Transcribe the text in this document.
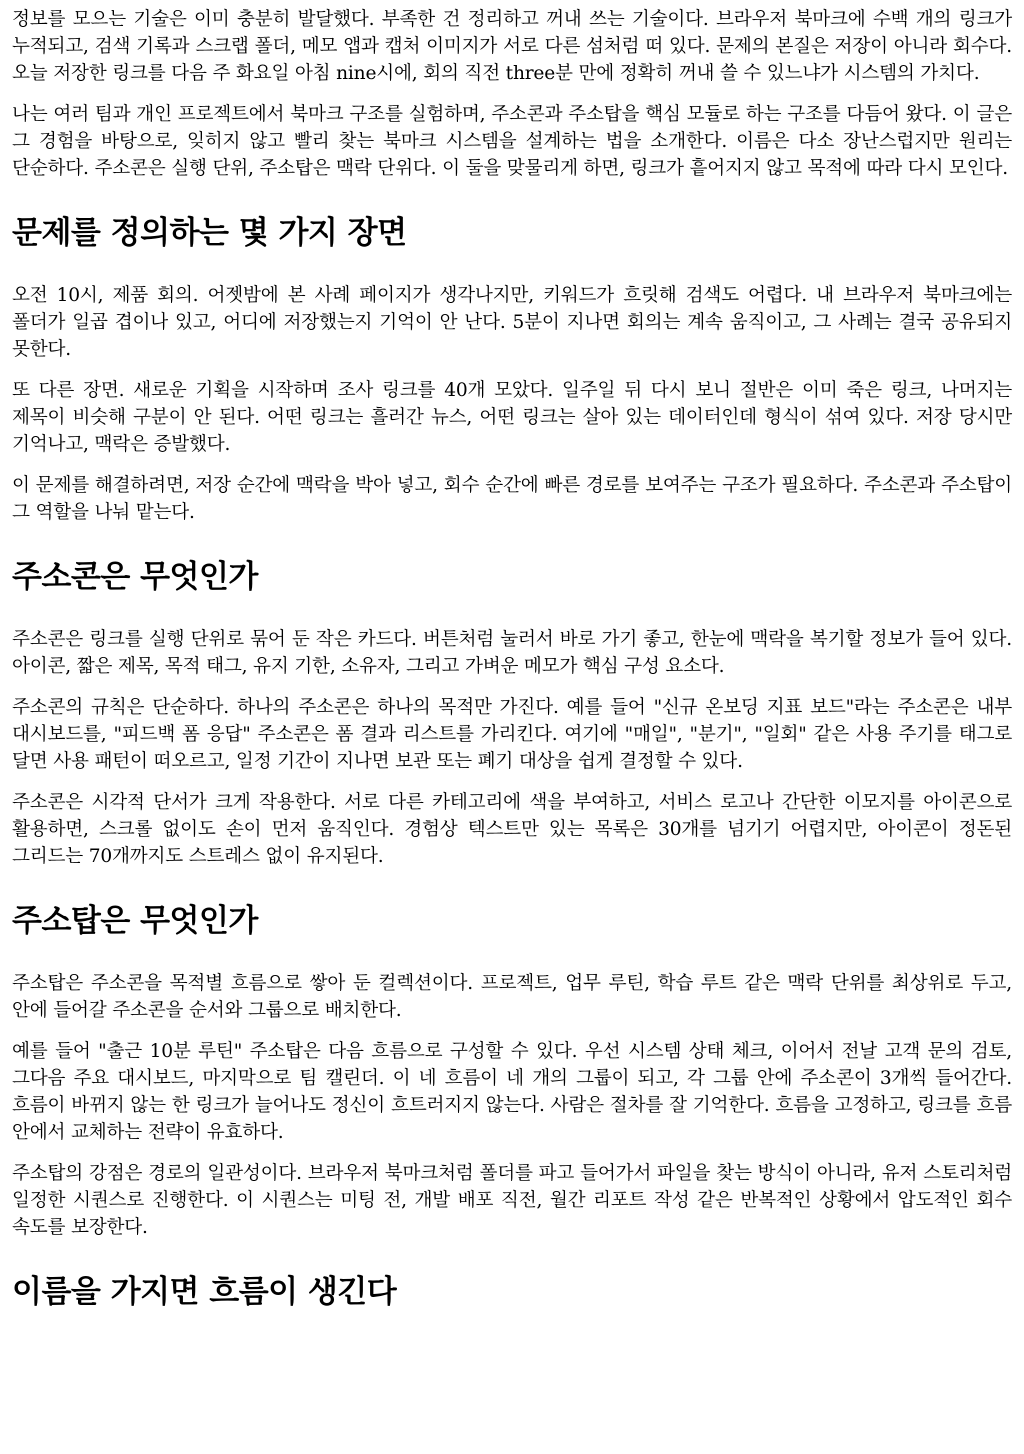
정보를 모으는 기술은 이미 충분히 발달했다. 부족한 건 정리하고 꺼내 쓰는 기술이다. 브라우저 북마크에 수백 개의 링크가 누적되고, 검색 기록과 스크랩 폴더, 메모 앱과 캡처 이미지가 서로 다른 섬처럼 떠 있다. 문제의 본질은 저장이 아니라 회수다. 오늘 저장한 링크를 다음 주 화요일 아침 nine시에, 회의 직전 three분 만에 정확히 꺼내 쓸 수 있느냐가 시스템의 가치다.

나는 여러 팀과 개인 프로젝트에서 북마크 구조를 실험하며, 주소콘과 주소탑을 핵심 모듈로 하는 구조를 다듬어 왔다. 이 글은 그 경험을 바탕으로, 잊히지 않고 빨리 찾는 북마크 시스템을 설계하는 법을 소개한다. 이름은 다소 장난스럽지만 원리는 단순하다. 주소콘은 실행 단위, 주소탑은 맥락 단위다. 이 둘을 맞물리게 하면, 링크가 흩어지지 않고 목적에 따라 다시 모인다.

문제를 정의하는 몇 가지 장면

오전 10시, 제품 회의. 어젯밤에 본 사례 페이지가 생각나지만, 키워드가 흐릿해 검색도 어렵다. 내 브라우저 북마크에는 폴더가 일곱 겹이나 있고, 어디에 저장했는지 기억이 안 난다. 5분이 지나면 회의는 계속 움직이고, 그 사례는 결국 공유되지 못한다.

또 다른 장면. 새로운 기획을 시작하며 조사 링크를 40개 모았다. 일주일 뒤 다시 보니 절반은 이미 죽은 링크, 나머지는 제목이 비슷해 구분이 안 된다. 어떤 링크는 흘러간 뉴스, 어떤 링크는 살아 있는 데이터인데 형식이 섞여 있다. 저장 당시만 기억나고, 맥락은 증발했다.

이 문제를 해결하려면, 저장 순간에 맥락을 박아 넣고, 회수 순간에 빠른 경로를 보여주는 구조가 필요하다. 주소콘과 주소탑이 그 역할을 나눠 맡는다.

주소콘은 무엇인가

주소콘은 링크를 실행 단위로 묶어 둔 작은 카드다. 버튼처럼 눌러서 바로 가기 좋고, 한눈에 맥락을 복기할 정보가 들어 있다. 아이콘, 짧은 제목, 목적 태그, 유지 기한, 소유자, 그리고 가벼운 메모가 핵심 구성 요소다.

주소콘의 규칙은 단순하다. 하나의 주소콘은 하나의 목적만 가진다. 예를 들어 "신규 온보딩 지표 보드"라는 주소콘은 내부 대시보드를, "피드백 폼 응답" 주소콘은 폼 결과 리스트를 가리킨다. 여기에 "매일", "분기", "일회" 같은 사용 주기를 태그로 달면 사용 패턴이 떠오르고, 일정 기간이 지나면 보관 또는 폐기 대상을 쉽게 결정할 수 있다.

주소콘은 시각적 단서가 크게 작용한다. 서로 다른 카테고리에 색을 부여하고, 서비스 로고나 간단한 이모지를 아이콘으로 활용하면, 스크롤 없이도 손이 먼저 움직인다. 경험상 텍스트만 있는 목록은 30개를 넘기기 어렵지만, 아이콘이 정돈된 그리드는 70개까지도 스트레스 없이 유지된다.

주소탑은 무엇인가

주소탑은 주소콘을 목적별 흐름으로 쌓아 둔 컬렉션이다. 프로젝트, 업무 루틴, 학습 루트 같은 맥락 단위를 최상위로 두고, 안에 들어갈 주소콘을 순서와 그룹으로 배치한다.

예를 들어 "출근 10분 루틴" 주소탑은 다음 흐름으로 구성할 수 있다. 우선 시스템 상태 체크, 이어서 전날 고객 문의 검토, 그다음 주요 대시보드, 마지막으로 팀 캘린더. 이 네 흐름이 네 개의 그룹이 되고, 각 그룹 안에 주소콘이 3개씩 들어간다. 흐름이 바뀌지 않는 한 링크가 늘어나도 정신이 흐트러지지 않는다. 사람은 절차를 잘 기억한다. 흐름을 고정하고, 링크를 흐름 안에서 교체하는 전략이 유효하다.

주소탑의 강점은 경로의 일관성이다. 브라우저 북마크처럼 폴더를 파고 들어가서 파일을 찾는 방식이 아니라, 유저 스토리처럼 일정한 시퀀스로 진행한다. 이 시퀀스는 미팅 전, 개발 배포 직전, 월간 리포트 작성 같은 반복적인 상황에서 압도적인 회수 속도를 보장한다.

이름을 가지면 흐름이 생긴다
